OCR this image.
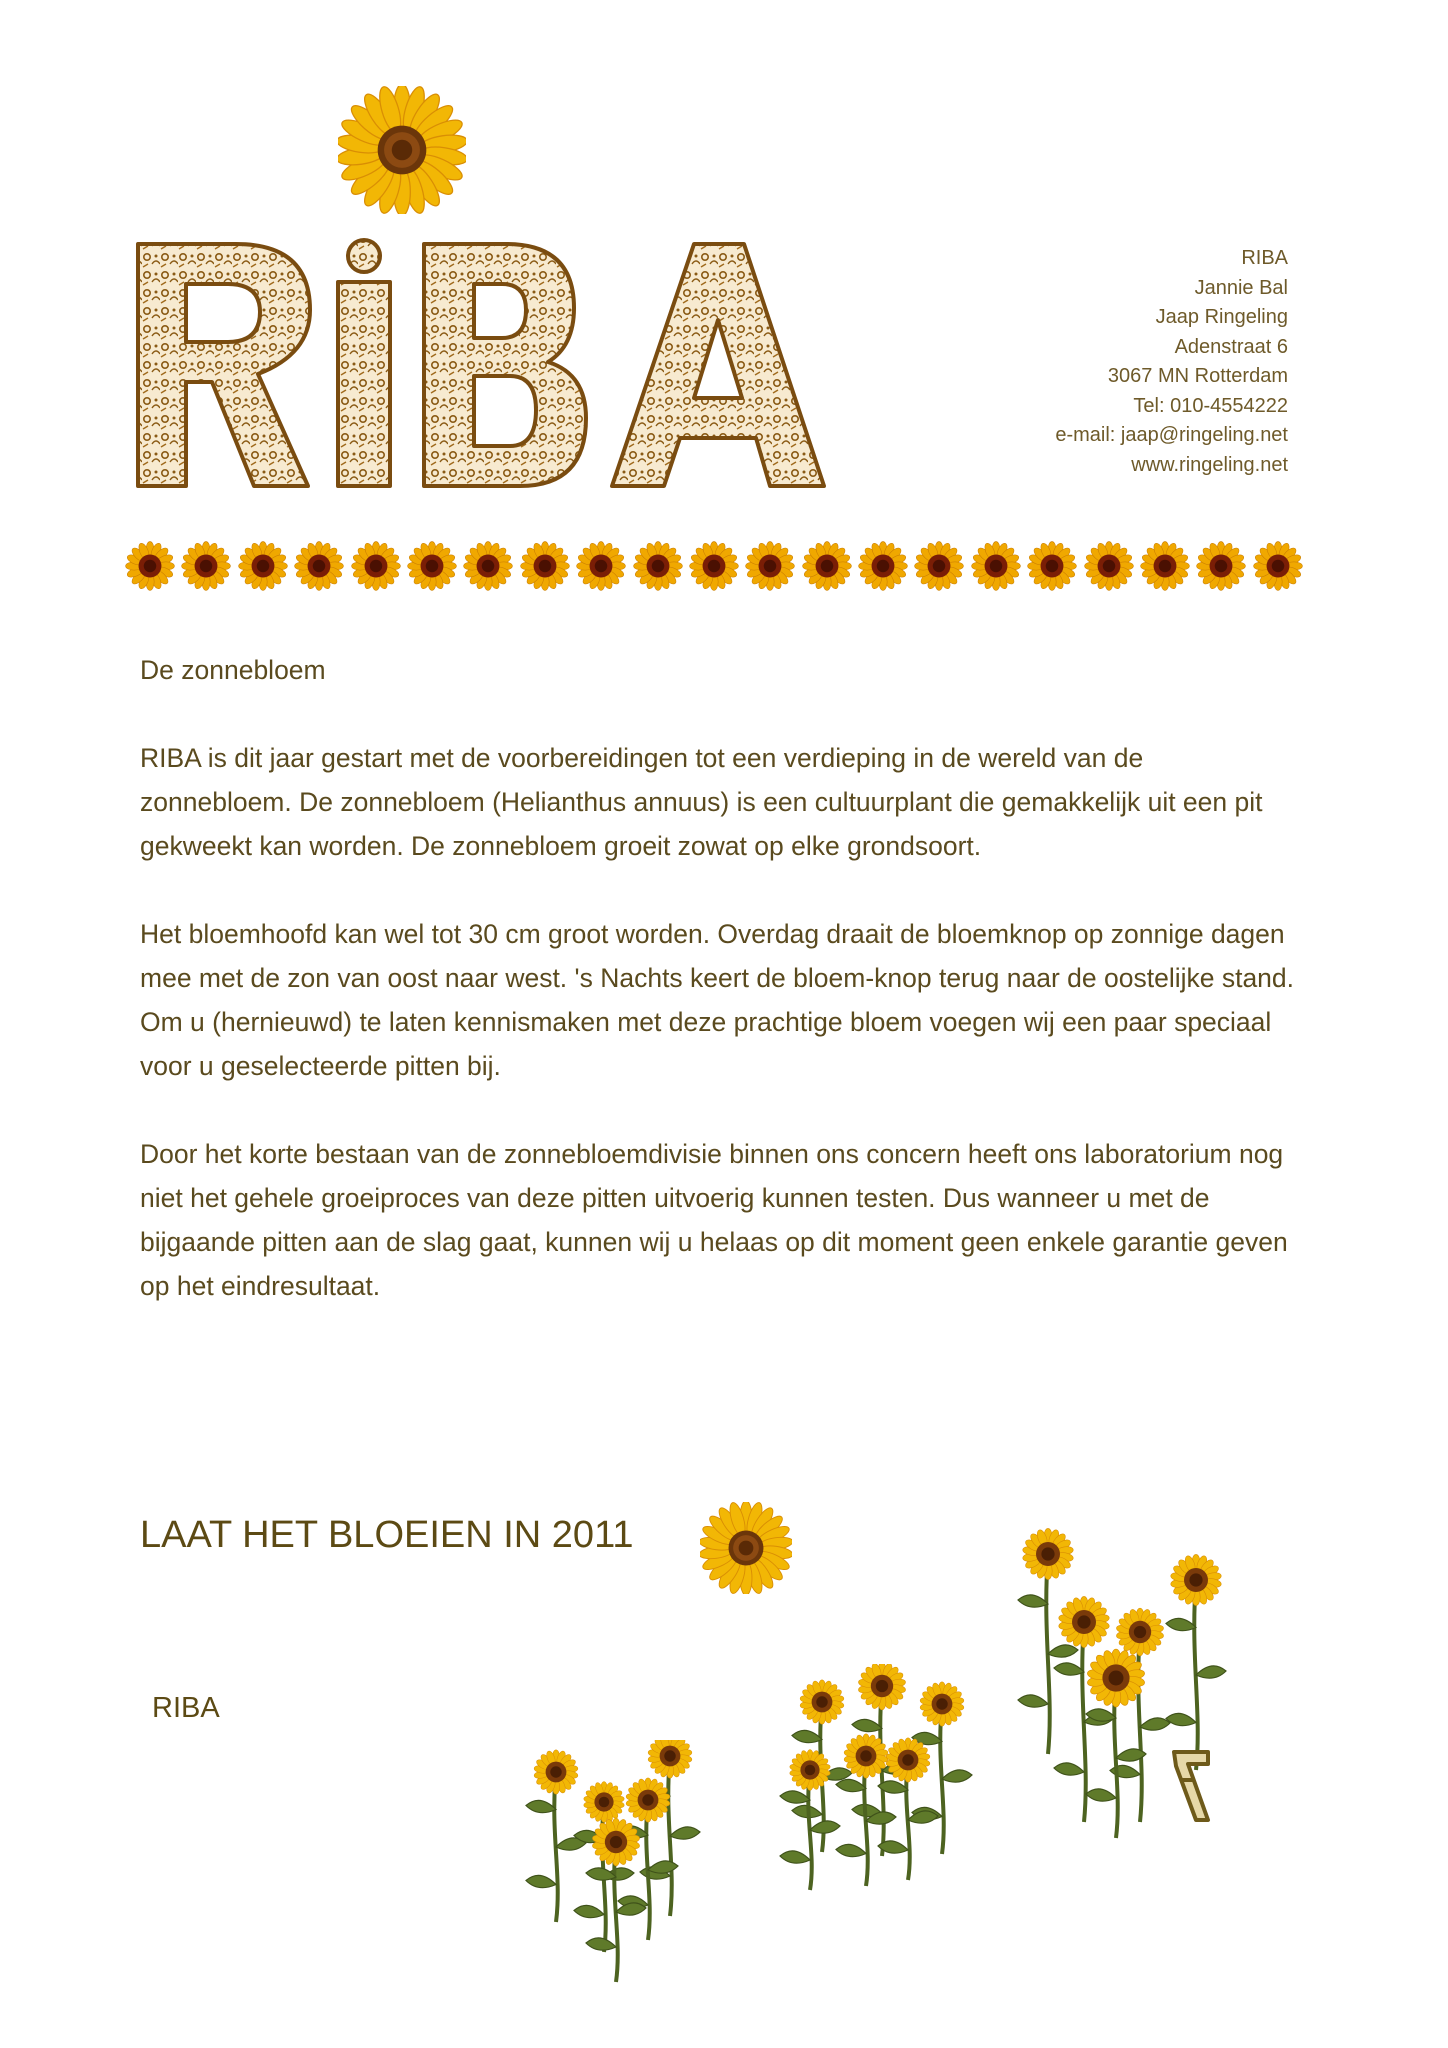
RIBA
Jannie Bal
Jaap Ringeling
Adenstraat 6
3067 MN Rotterdam
Tel: 010-4554222
e-mail: jaap@ringeling.net
www.ringeling.net
De zonnebloem

RIBA is dit jaar gestart met de voorbereidingen tot een verdieping in de wereld van de zonnebloem. De zonnebloem (Helianthus annuus) is een cultuurplant die gemakkelijk uit een pit gekweekt kan worden. De zonnebloem groeit zowat op elke grondsoort.

Het bloemhoofd kan wel tot 30 cm groot worden. Overdag draait de bloemknop op zonnige dagen mee met de zon van oost naar west. 's Nachts keert de bloem-knop terug naar de oostelijke stand. Om u (hernieuwd) te laten kennismaken met deze prachtige bloem voegen wij een paar speciaal voor u geselecteerde pitten bij.

Door het korte bestaan van de zonnebloemdivisie binnen ons concern heeft ons laboratorium nog niet het gehele groeiproces van deze pitten uitvoerig kunnen testen. Dus wanneer u met de bijgaande pitten aan de slag gaat, kunnen wij u helaas op dit moment geen enkele garantie geven op het eindresultaat.

LAAT HET BLOEIEN IN 2011
RIBA
